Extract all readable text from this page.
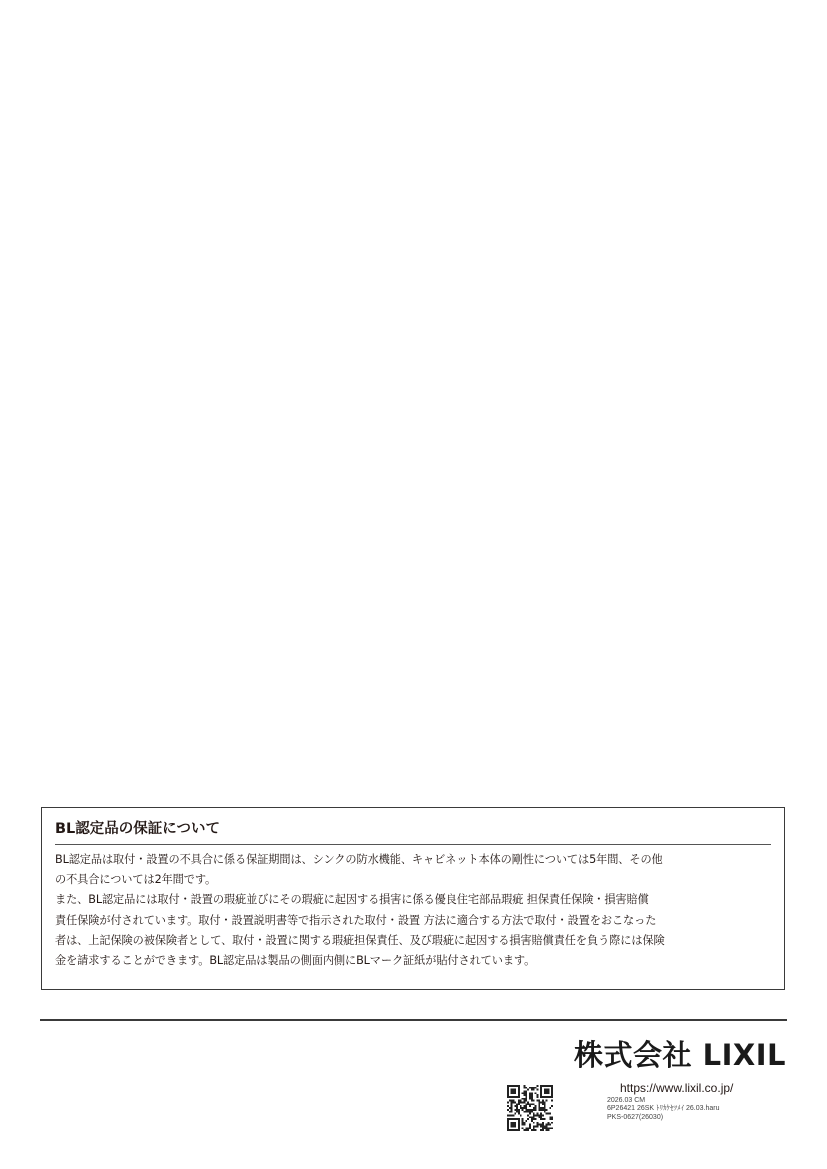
BL認定品の保証について

BL認定品は取付・設置の不具合に係る保証期間は、シンクの防水機能、キャビネット本体の剛性については5年間、その他

の不具合については2年間です。

また、BL認定品には取付・設置の瑕疵並びにその瑕疵に起因する損害に係る優良住宅部品瑕疵 担保責任保険・損害賠償

責任保険が付されています。取付・設置説明書等で指示された取付・設置 方法に適合する方法で取付・設置をおこなった

者は、上記保険の被保険者として、取付・設置に関する瑕疵担保責任、及び瑕疵に起因する損害賠償責任を負う際には保険

金を請求することができます。BL認定品は製品の側面内側にBLマーク証紙が貼付されています。

株式会社 LIXIL
https://www.lixil.co.jp/
2026.03 CM
6P26421 26SK ﾄﾘｶｹｾﾂﾒｲ 26.03.haru
PKS-0627(26030)
